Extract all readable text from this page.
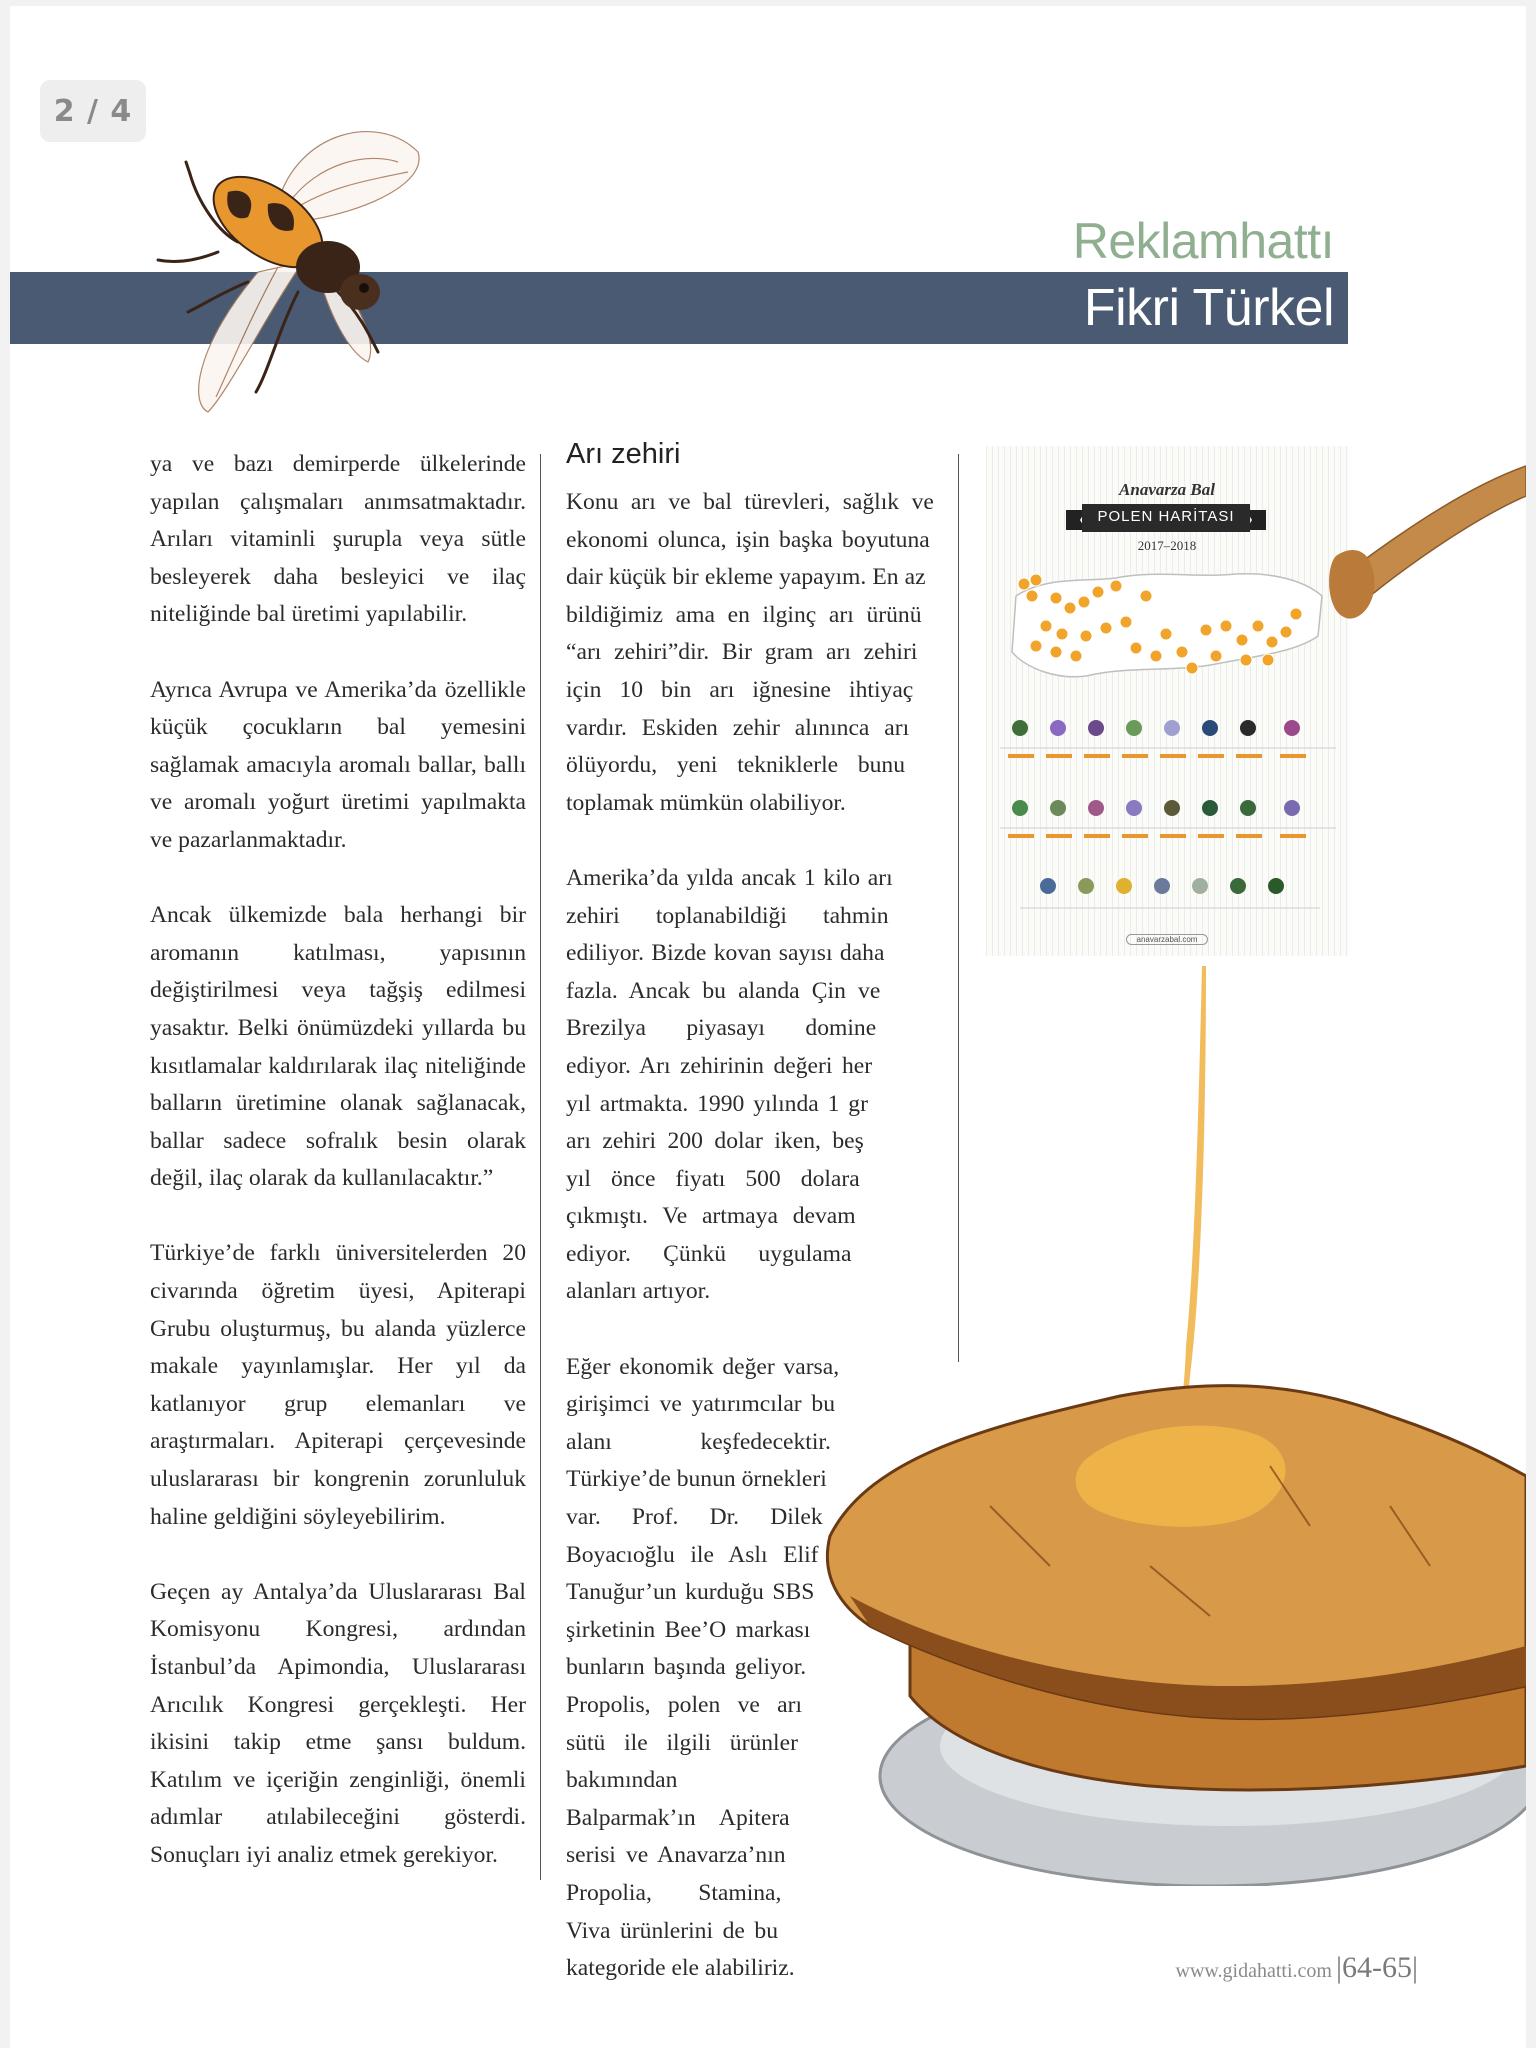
Reklamhattı
Fikri Türkel
2 / 4

ya ve bazı demirperde ülkelerinde yapılan çalışmaları anımsatmaktadır. Arıları vitaminli şurupla veya sütle besleyerek daha besleyici ve ilaç niteliğinde bal üretimi yapılabilir.

Ayrıca Avrupa ve Amerika’da özellikle küçük çocukların bal yemesini sağlamak amacıyla aromalı ballar, ballı ve aromalı yoğurt üretimi yapılmakta ve pazarlanmaktadır.

Ancak ülkemizde bala herhangi bir aromanın katılması, yapısının değiştirilmesi veya tağşiş edilmesi yasaktır. Belki önümüzdeki yıllarda bu kısıtlamalar kaldırılarak ilaç niteliğinde balların üretimine olanak sağlanacak, ballar sadece sofralık besin olarak değil, ilaç olarak da kullanılacaktır.”

Türkiye’de farklı üniversitelerden 20 civarında öğretim üyesi, Apiterapi Grubu oluşturmuş, bu alanda yüzlerce makale yayınlamışlar. Her yıl da katlanıyor grup elemanları ve araştırmaları. Apiterapi çerçevesinde uluslararası bir kongrenin zorunluluk haline geldiğini söyleyebilirim.

Geçen ay Antalya’da Uluslararası Bal Komisyonu Kongresi, ardından İstanbul’da Apimondia, Uluslararası Arıcılık Kongresi gerçekleşti. Her ikisini takip etme şansı buldum. Katılım ve içeriğin zenginliği, önemli adımlar atılabileceğini gösterdi. Sonuçları iyi analiz etmek gerekiyor.

Arı zehiri

Konu arı ve bal türevleri, sağlık ve ekonomi olunca, işin başka boyutuna dair küçük bir ekleme yapayım. En az bildiğimiz ama en ilginç arı ürünü “arı zehiri”dir. Bir gram arı zehiri için 10 bin arı iğnesine ihtiyaç vardır. Eskiden zehir alınınca arı ölüyordu, yeni tekniklerle bunu toplamak mümkün olabiliyor.

Amerika’da yılda ancak 1 kilo arı zehiri toplanabildiği tahmin ediliyor. Bizde kovan sayısı daha fazla. Ancak bu alanda Çin ve Brezilya piyasayı domine ediyor. Arı zehirinin değeri her yıl artmakta. 1990 yılında 1 gr arı zehiri 200 dolar iken, beş yıl önce fiyatı 500 dolara çıkmıştı. Ve artmaya devam ediyor. Çünkü uygulama alanları artıyor.

Eğer ekonomik değer varsa, girişimci ve yatırımcılar bu alanı keşfedecektir. Türkiye’de bunun örnekleri var. Prof. Dr. Dilek Boyacıoğlu ile Aslı Elif Tanuğur’un kurduğu SBS şirketinin Bee’O markası bunların başında geliyor. Propolis, polen ve arı sütü ile ilgili ürünler bakımından Balparmak’ın Apitera serisi ve Anavarza’nın Propolia, Stamina, Viva ürünlerini de bu kategoride ele alabiliriz.

Anavarza Bal
POLEN HARİTASI
2017–2018
anavarzabal.com
www.gidahatti.com |64-65|
